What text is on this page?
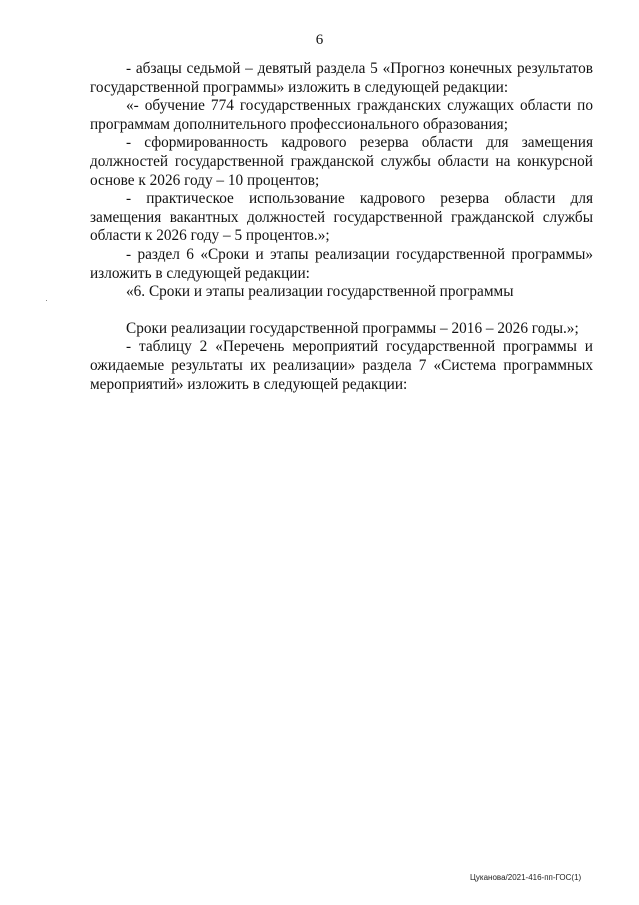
6

- абзацы седьмой – девятый раздела 5 «Прогноз конечных результатов государственной программы» изложить в следующей редакции:

«- обучение 774 государственных гражданских служащих области по программам дополнительного профессионального образования;

- сформированность кадрового резерва области для замещения должностей государственной гражданской службы области на конкурсной основе к 2026 году – 10 процентов;

- практическое использование кадрового резерва области для замещения вакантных должностей государственной гражданской службы области к 2026 году – 5 процентов.»;

- раздел 6 «Сроки и этапы реализации государственной программы» изложить в следующей редакции:

«6. Сроки и этапы реализации государственной программы

Сроки реализации государственной программы – 2016 – 2026 годы.»;

- таблицу 2 «Перечень мероприятий государственной программы и ожидаемые результаты их реализации» раздела 7 «Система программных мероприятий» изложить в следующей редакции:

Цуканова/2021-416-пп-ГОС(1)
